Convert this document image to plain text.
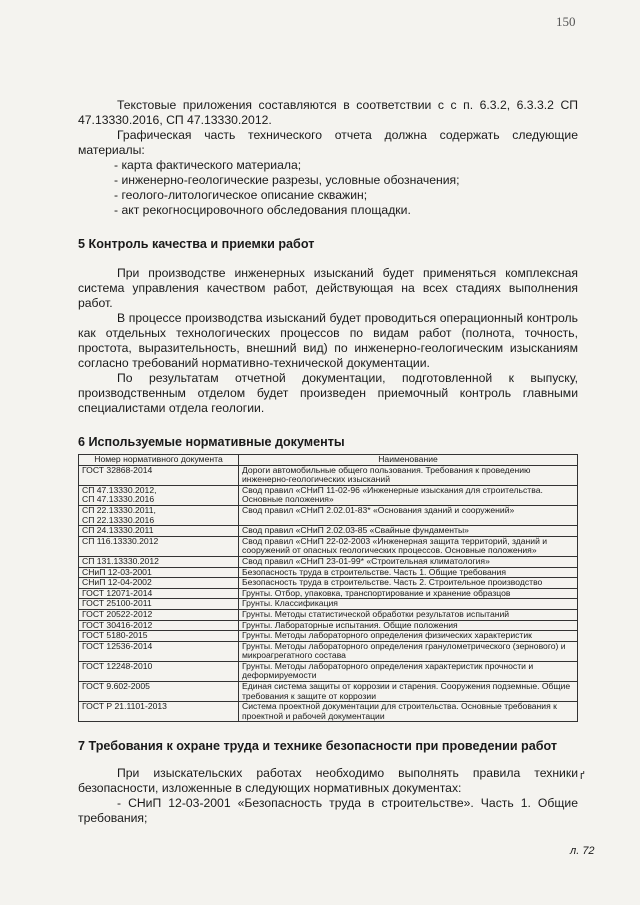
150

Текстовые приложения составляются в соответствии с с п. 6.3.2, 6.3.3.2 СП 47.13330.2016, СП 47.13330.2012.

Графическая часть технического отчета должна содержать следующие материалы:

- карта фактического материала;

- инженерно-геологические разрезы, условные обозначения;

- геолого-литологическое описание скважин;

- акт рекогносцировочного обследования площадки.

5 Контроль качества и приемки работ

При производстве инженерных изысканий будет применяться комплексная система управления качеством работ, действующая на всех стадиях выполнения работ.

В процессе производства изысканий будет проводиться операционный контроль как отдельных технологических процессов по видам работ (полнота, точность, простота, выразительность, внешний вид) по инженерно-геологическим изысканиям согласно требований нормативно-технической документации.

По результатам отчетной документации, подготовленной к выпуску, производственным отделом будет произведен приемочный контроль главными специалистами отдела геологии.

6 Используемые нормативные документы
Номер нормативного документа	Наименование
ГОСТ 32868-2014	Дороги автомобильные общего пользования. Требования к проведению инженерно-геологических изысканий
СП 47.13330.2012,
СП 47.13330.2016	Свод правил «СНиП 11-02-96 «Инженерные изыскания для строительства. Основные положения»
СП 22.13330.2011,
СП 22.13330.2016	Свод правил «СНиП 2.02.01-83* «Основания зданий и сооружений»
СП 24.13330.2011	Свод правил «СНиП 2.02.03-85 «Свайные фундаменты»
СП 116.13330.2012	Свод правил «СНиП 22-02-2003 «Инженерная защита территорий, зданий и сооружений от опасных геологических процессов. Основные положения»
СП 131.13330.2012	Свод правил «СНиП 23-01-99* «Строительная климатология»
СНиП 12-03-2001	Безопасность труда в строительстве. Часть 1. Общие требования
СНиП 12-04-2002	Безопасность труда в строительстве. Часть 2. Строительное производство
ГОСТ 12071-2014	Грунты. Отбор, упаковка, транспортирование и хранение образцов
ГОСТ 25100-2011	Грунты. Классификация
ГОСТ 20522-2012	Грунты. Методы статистической обработки результатов испытаний
ГОСТ 30416-2012	Грунты. Лабораторные испытания. Общие положения
ГОСТ 5180-2015	Грунты. Методы лабораторного определения физических характеристик
ГОСТ 12536-2014	Грунты. Методы лабораторного определения гранулометрического (зернового) и микроагрегатного состава
ГОСТ 12248-2010	Грунты. Методы лабораторного определения характеристик прочности и деформируемости
ГОСТ 9.602-2005	Единая система защиты от коррозии и старения. Сооружения подземные. Общие требования к защите от коррозии
ГОСТ Р 21.1101-2013	Система проектной документации для строительства. Основные требования к проектной и рабочей документации
7 Требования к охране труда и технике безопасности при проведении работ

При изыскательских работах необходимо выполнять правила техники безопасности, изложенные в следующих нормативных документах:

- СНиП 12-03-2001 «Безопасность труда в строительстве». Часть 1. Общие требования;

ґ
л. 72
